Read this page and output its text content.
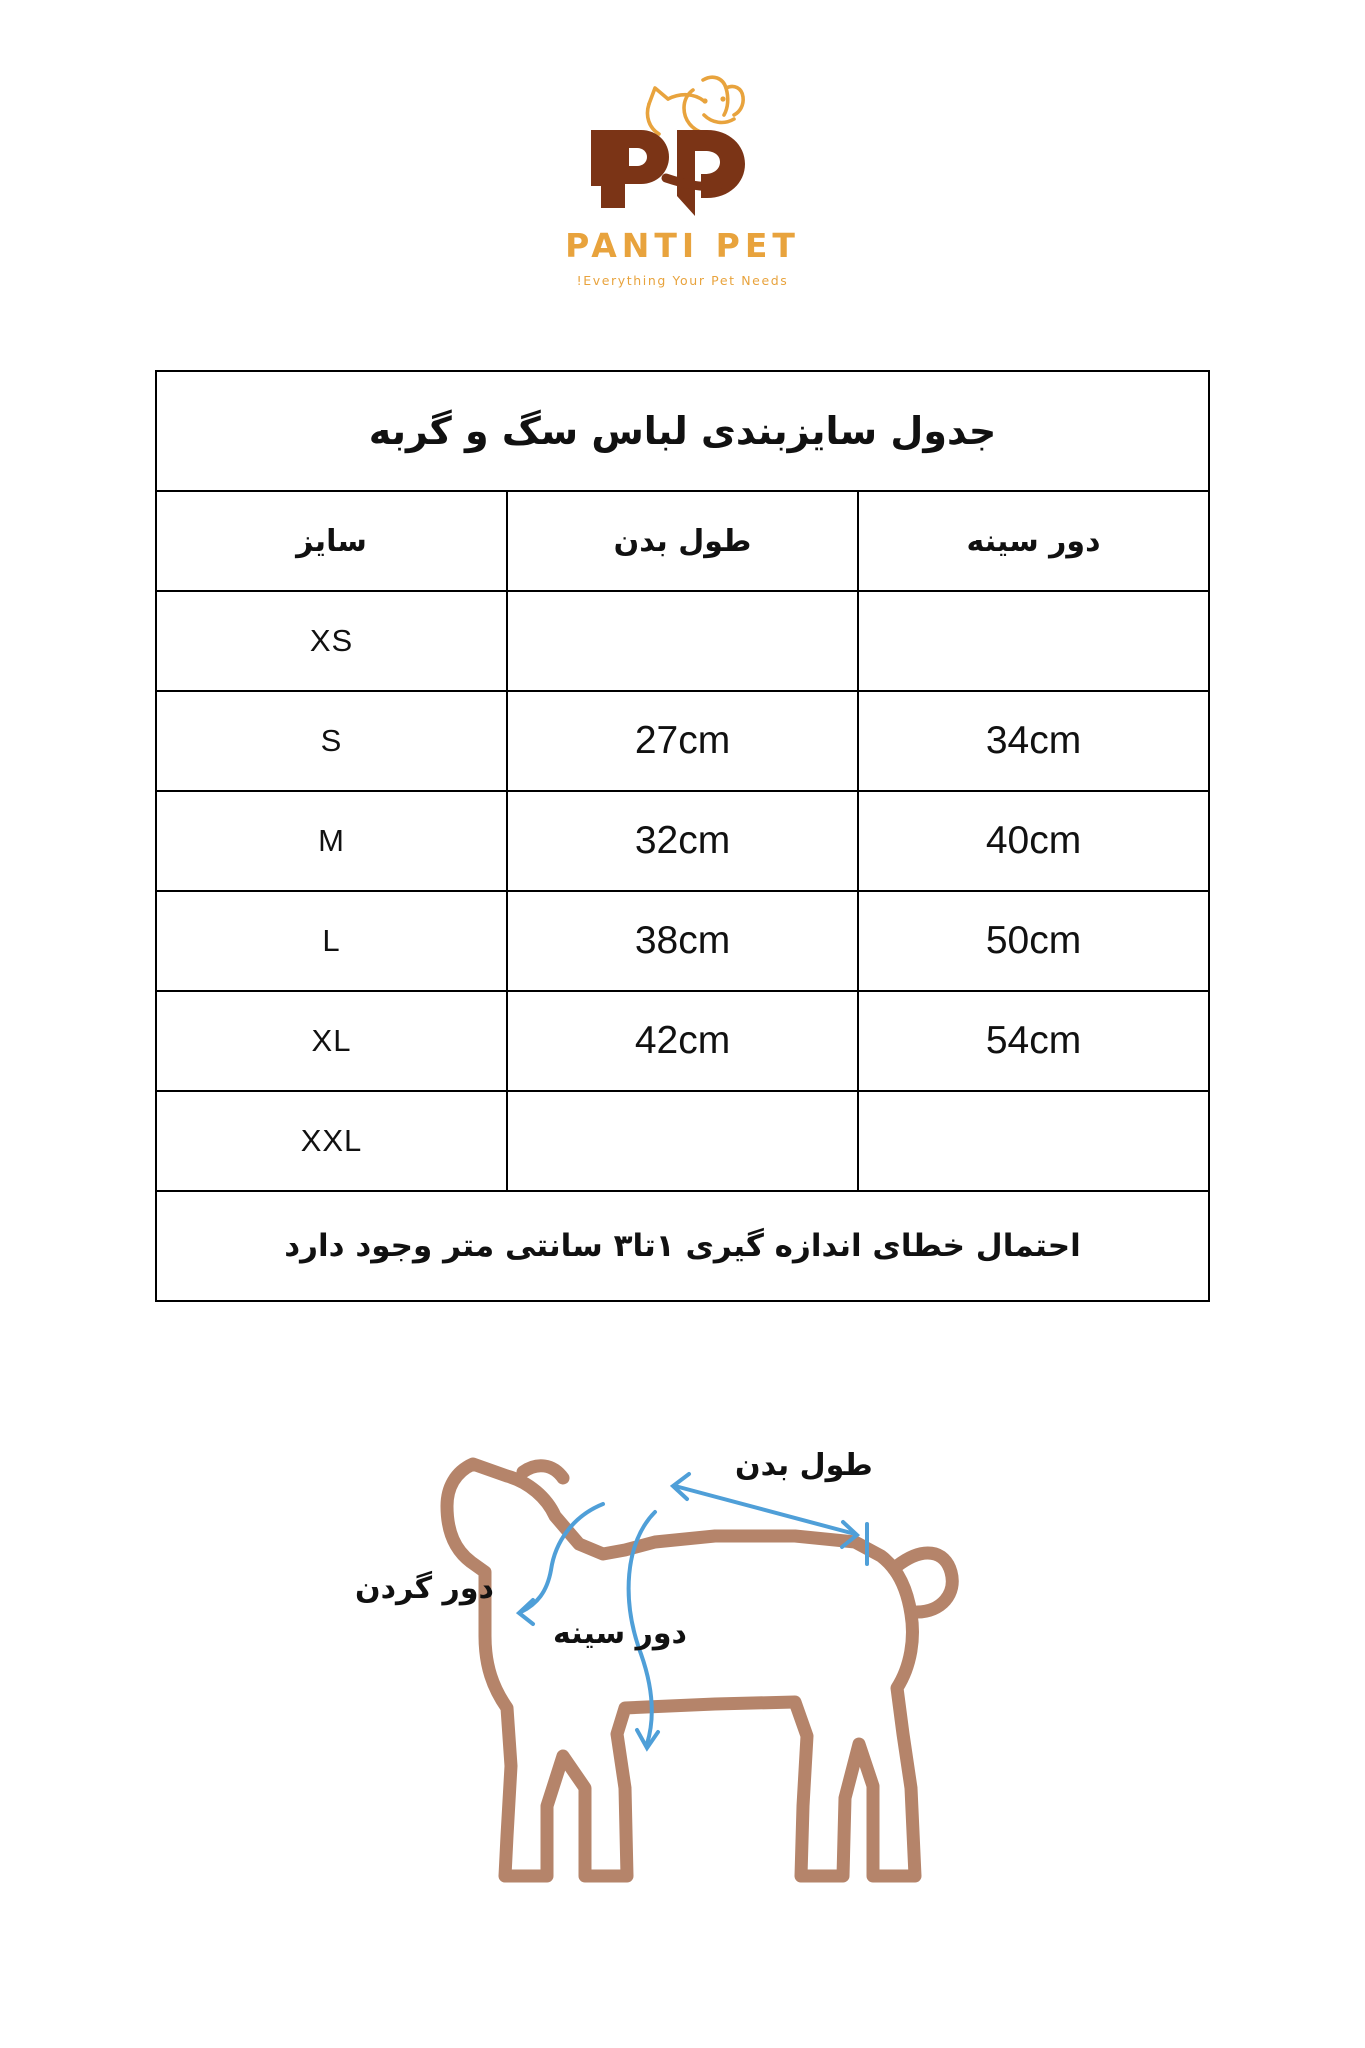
PANTI PET
Everything Your Pet Needs!
جدول سایزبندی لباس سگ و گربه		
دور سینه	طول بدن	سایز
		XS
34cm	27cm	S
40cm	32cm	M
50cm	38cm	L
54cm	42cm	XL
		XXL
احتمال خطای اندازه گیری ۱تا۳ سانتی متر وجود دارد		
طول بدن
دور گردن
دور سینه
